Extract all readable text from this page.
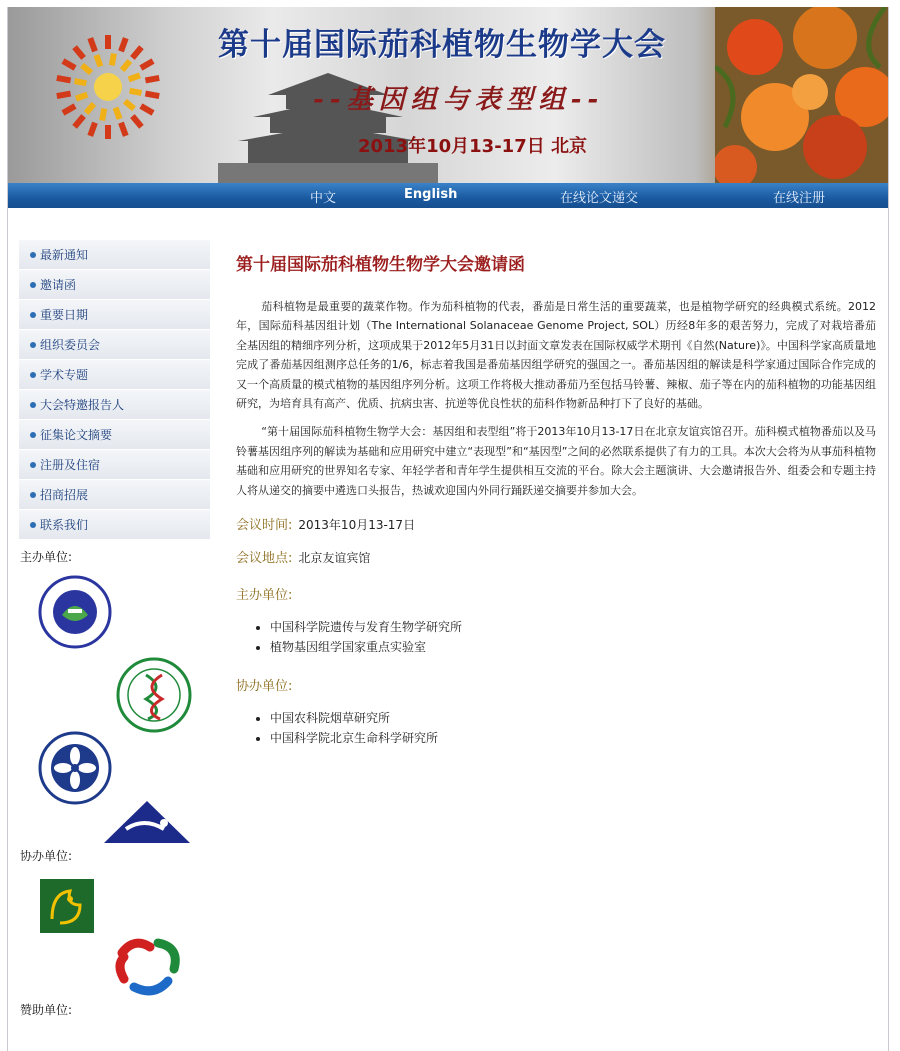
第十届国际茄科植物生物学大会
--基因组与表型组--
2013年10月13-17日 北京
中文	English	在线论文递交	在线注册
最新通知
邀请函
重要日期
组织委员会
学术专题
大会特邀报告人
征集论文摘要
注册及住宿
招商招展
联系我们
主办单位:
协办单位:
赞助单位:
第十届国际茄科植物生物学大会邀请函

茄科植物是最重要的蔬菜作物。作为茄科植物的代表，番茄是日常生活的重要蔬菜，也是植物学研究的经典模式系统。2012年，国际茄科基因组计划（The International Solanaceae Genome Project, SOL）历经8年多的艰苦努力，完成了对栽培番茄全基因组的精细序列分析，这项成果于2012年5月31日以封面文章发表在国际权威学术期刊《自然(Nature)》。中国科学家高质量地完成了番茄基因组测序总任务的1/6，标志着我国是番茄基因组学研究的强国之一。番茄基因组的解读是科学家通过国际合作完成的又一个高质量的模式植物的基因组序列分析。这项工作将极大推动番茄乃至包括马铃薯、辣椒、茄子等在内的茄科植物的功能基因组研究，为培育具有高产、优质、抗病虫害、抗逆等优良性状的茄科作物新品种打下了良好的基础。

“第十届国际茄科植物生物学大会：基因组和表型组”将于2013年10月13-17日在北京友谊宾馆召开。茄科模式植物番茄以及马铃薯基因组序列的解读为基础和应用研究中建立“表现型”和“基因型”之间的必然联系提供了有力的工具。本次大会将为从事茄科植物基础和应用研究的世界知名专家、年轻学者和青年学生提供相互交流的平台。除大会主题演讲、大会邀请报告外、组委会和专题主持人将从递交的摘要中遴选口头报告，热诚欢迎国内外同行踊跃递交摘要并参加大会。

会议时间: 2013年10月13-17日
会议地点: 北京友谊宾馆
主办单位:
• 中国科学院遗传与发育生物学研究所
• 植物基因组学国家重点实验室
协办单位:
• 中国农科院烟草研究所
• 中国科学院北京生命科学研究所
